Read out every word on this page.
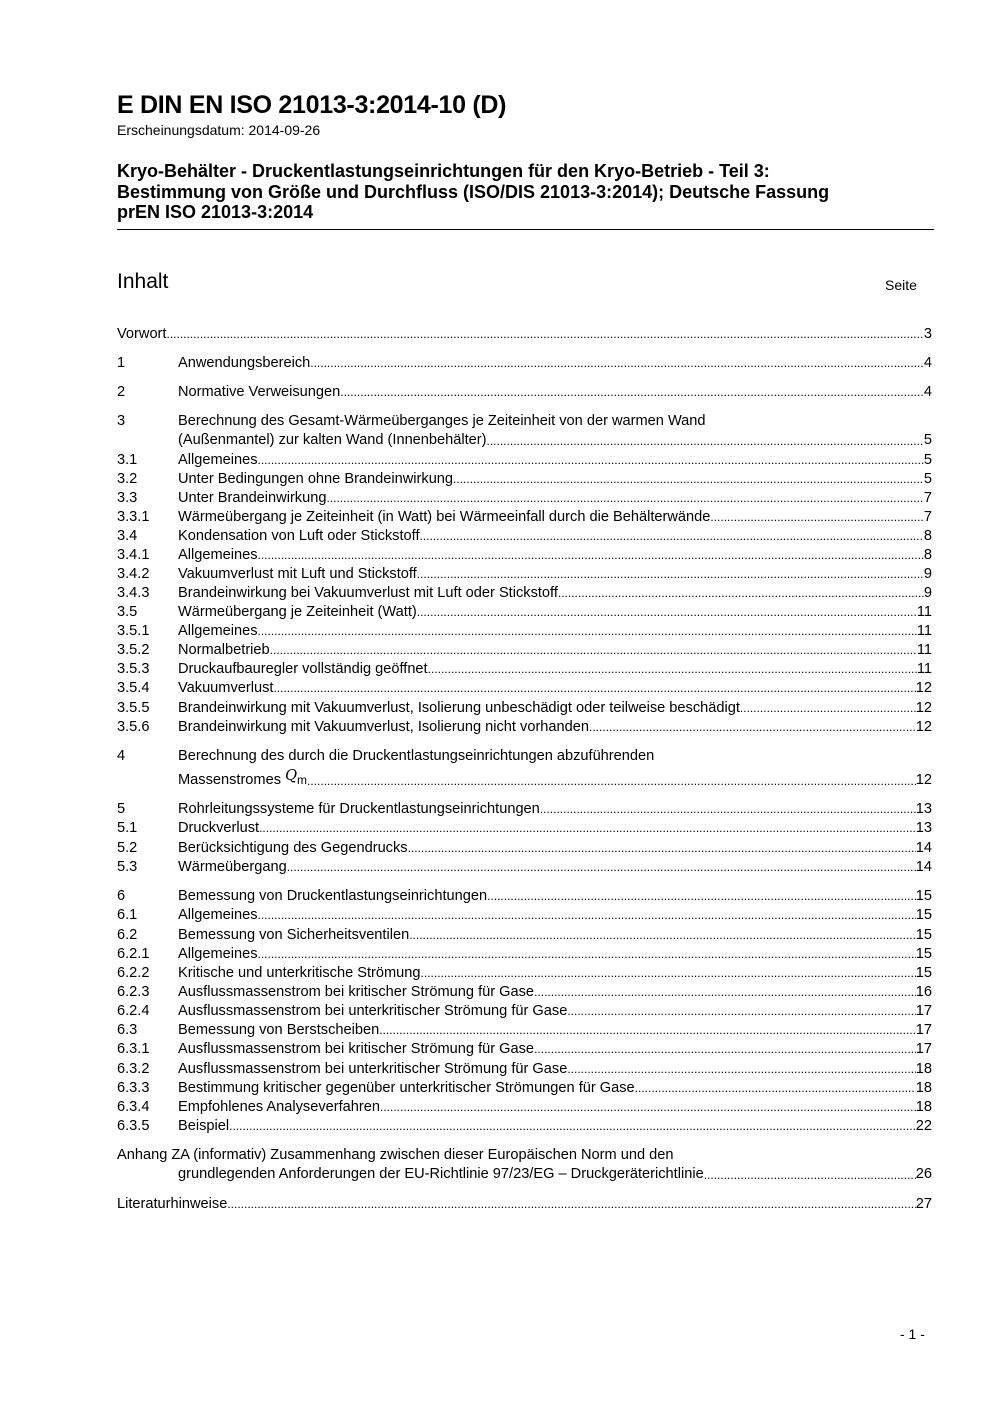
E DIN EN ISO 21013-3:2014-10 (D)
Erscheinungsdatum: 2014-09-26
Kryo-Behälter - Druckentlastungseinrichtungen für den Kryo-Betrieb - Teil 3:
Bestimmung von Größe und Durchfluss (ISO/DIS 21013-3:2014); Deutsche Fassung
prEN ISO 21013-3:2014
Inhalt	Seite
Vorwort .....	3
1	Anwendungsbereich .....	4
2	Normative Verweisungen .....	4
3	Berechnung des Gesamt-Wärmeüberganges je Zeiteinheit von der warmen Wand
(Außenmantel) zur kalten Wand (Innenbehälter) .....	5
3.1	Allgemeines .....	5
3.2	Unter Bedingungen ohne Brandeinwirkung .....	5
3.3	Unter Brandeinwirkung .....	7
3.3.1	Wärmeübergang je Zeiteinheit (in Watt) bei Wärmeeinfall durch die Behälterwände .....	7
3.4	Kondensation von Luft oder Stickstoff .....	8
3.4.1	Allgemeines .....	8
3.4.2	Vakuumverlust mit Luft und Stickstoff .....	9
3.4.3	Brandeinwirkung bei Vakuumverlust mit Luft oder Stickstoff .....	9
3.5	Wärmeübergang je Zeiteinheit (Watt) .....	11
3.5.1	Allgemeines .....	11
3.5.2	Normalbetrieb .....	11
3.5.3	Druckaufbauregler vollständig geöffnet .....	11
3.5.4	Vakuumverlust .....	12
3.5.5	Brandeinwirkung mit Vakuumverlust, Isolierung unbeschädigt oder teilweise beschädigt .....	12
3.5.6	Brandeinwirkung mit Vakuumverlust, Isolierung nicht vorhanden .....	12
4	Berechnung des durch die Druckentlastungseinrichtungen abzuführenden
Massenstromes
$Q_m$ .....	12
5	Rohrleitungssysteme für Druckentlastungseinrichtungen .....	13
5.1	Druckverlust .....	13
5.2	Berücksichtigung des Gegendrucks .....	14
5.3	Wärmeübergang .....	14
6	Bemessung von Druckentlastungseinrichtungen .....	15
6.1	Allgemeines .....	15
6.2	Bemessung von Sicherheitsventilen .....	15
6.2.1	Allgemeines .....	15
6.2.2	Kritische und unterkritische Strömung .....	15
6.2.3	Ausflussmassenstrom bei kritischer Strömung für Gase .....	16
6.2.4	Ausflussmassenstrom bei unterkritischer Strömung für Gase .....	17
6.3	Bemessung von Berstscheiben .....	17
6.3.1	Ausflussmassenstrom bei kritischer Strömung für Gase .....	17
6.3.2	Ausflussmassenstrom bei unterkritischer Strömung für Gase .....	18
6.3.3	Bestimmung kritischer gegenüber unterkritischer Strömungen für Gase .....	18
6.3.4	Empfohlenes Analyseverfahren .....	18
6.3.5	Beispiel .....	22
Anhang ZA (informativ) Zusammenhang zwischen dieser Europäischen Norm und den
grundlegenden Anforderungen der EU-Richtlinie 97/23/EG – Druckgeräterichtlinie .....	26
Literaturhinweise .....	27
- 1 -
